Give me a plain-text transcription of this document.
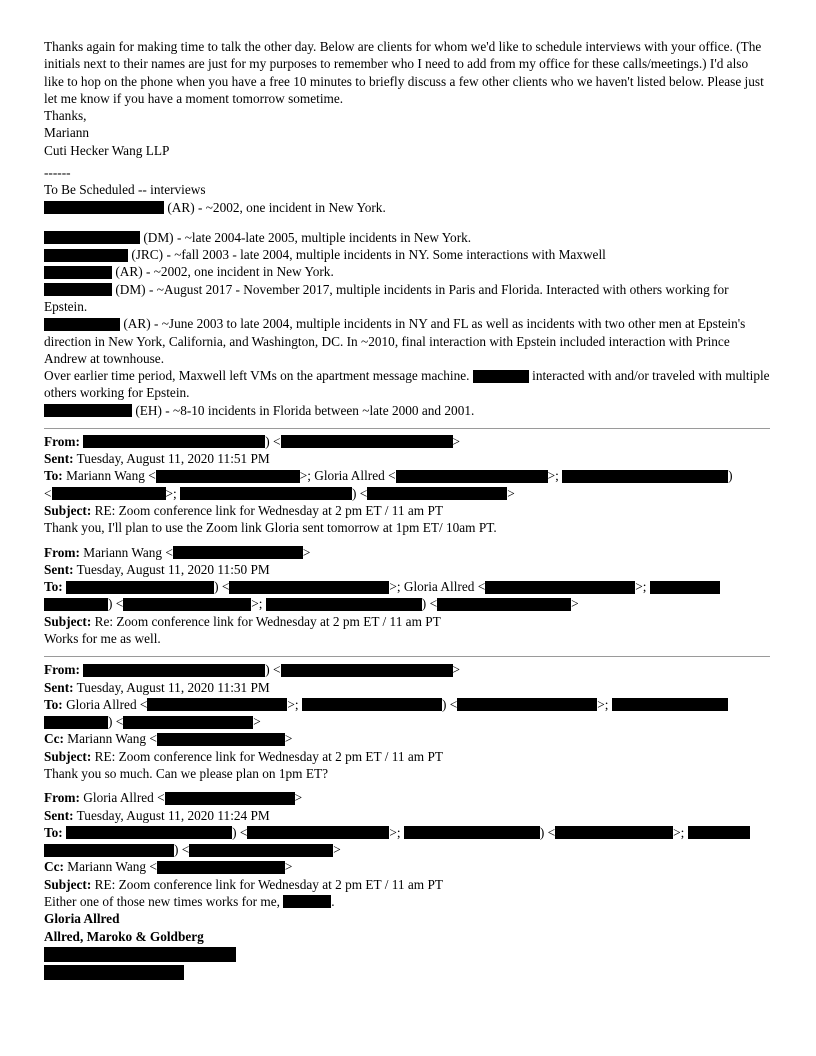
Thanks again for making time to talk the other day. Below are clients for whom we'd like to schedule interviews with your office. (The initials next to their names are just for my purposes to remember who I need to add from my office for these calls/meetings.) I'd also like to hop on the phone when you have a free 10 minutes to briefly discuss a few other clients who we haven't listed below. Please just let me know if you have a moment tomorrow sometime.

Thanks,

Mariann

Cuti Hecker Wang LLP

------

To Be Scheduled -- interviews

(AR) - ~2002, one incident in New York.

(DM) - ~late 2004-late 2005, multiple incidents in New York.

(JRC) - ~fall 2003 - late 2004, multiple incidents in NY. Some interactions with Maxwell

(AR) - ~2002, one incident in New York.

(DM) - ~August 2017 - November 2017, multiple incidents in Paris and Florida. Interacted with others working for Epstein.

(AR) - ~June 2003 to late 2004, multiple incidents in NY and FL as well as incidents with two other men at Epstein's direction in New York, California, and Washington, DC. In ~2010, final interaction with Epstein included interaction with Prince Andrew at townhouse.

Over earlier time period, Maxwell left VMs on the apartment message machine.	interacted with and/or traveled with multiple others working for Epstein.

(EH) - ~8-10 incidents in Florida between ~late 2000 and 2001.

From:	) <	>

Sent: Tuesday, August 11, 2020 11:51 PM

To: Mariann Wang <	>; Gloria Allred <	>;	)

<	>;	) <	>

Subject: RE: Zoom conference link for Wednesday at 2 pm ET / 11 am PT

Thank you, I'll plan to use the Zoom link Gloria sent tomorrow at 1pm ET/ 10am PT.

From: Mariann Wang <	>

Sent: Tuesday, August 11, 2020 11:50 PM

To:	) <	>; Gloria Allred <	>;

) <	>;	) <	>

Subject: Re: Zoom conference link for Wednesday at 2 pm ET / 11 am PT

Works for me as well.

From:	) <	>

Sent: Tuesday, August 11, 2020 11:31 PM

To: Gloria Allred <	>;	) <	>;

) <	>

Cc: Mariann Wang <	>

Subject: RE: Zoom conference link for Wednesday at 2 pm ET / 11 am PT

Thank you so much. Can we please plan on 1pm ET?

From: Gloria Allred <	>

Sent: Tuesday, August 11, 2020 11:24 PM

To:	) <	>;	) <	>;

) <	>

Cc: Mariann Wang <	>

Subject: RE: Zoom conference link for Wednesday at 2 pm ET / 11 am PT

Either one of those new times works for me,	.

Gloria Allred

Allred, Maroko & Goldberg
